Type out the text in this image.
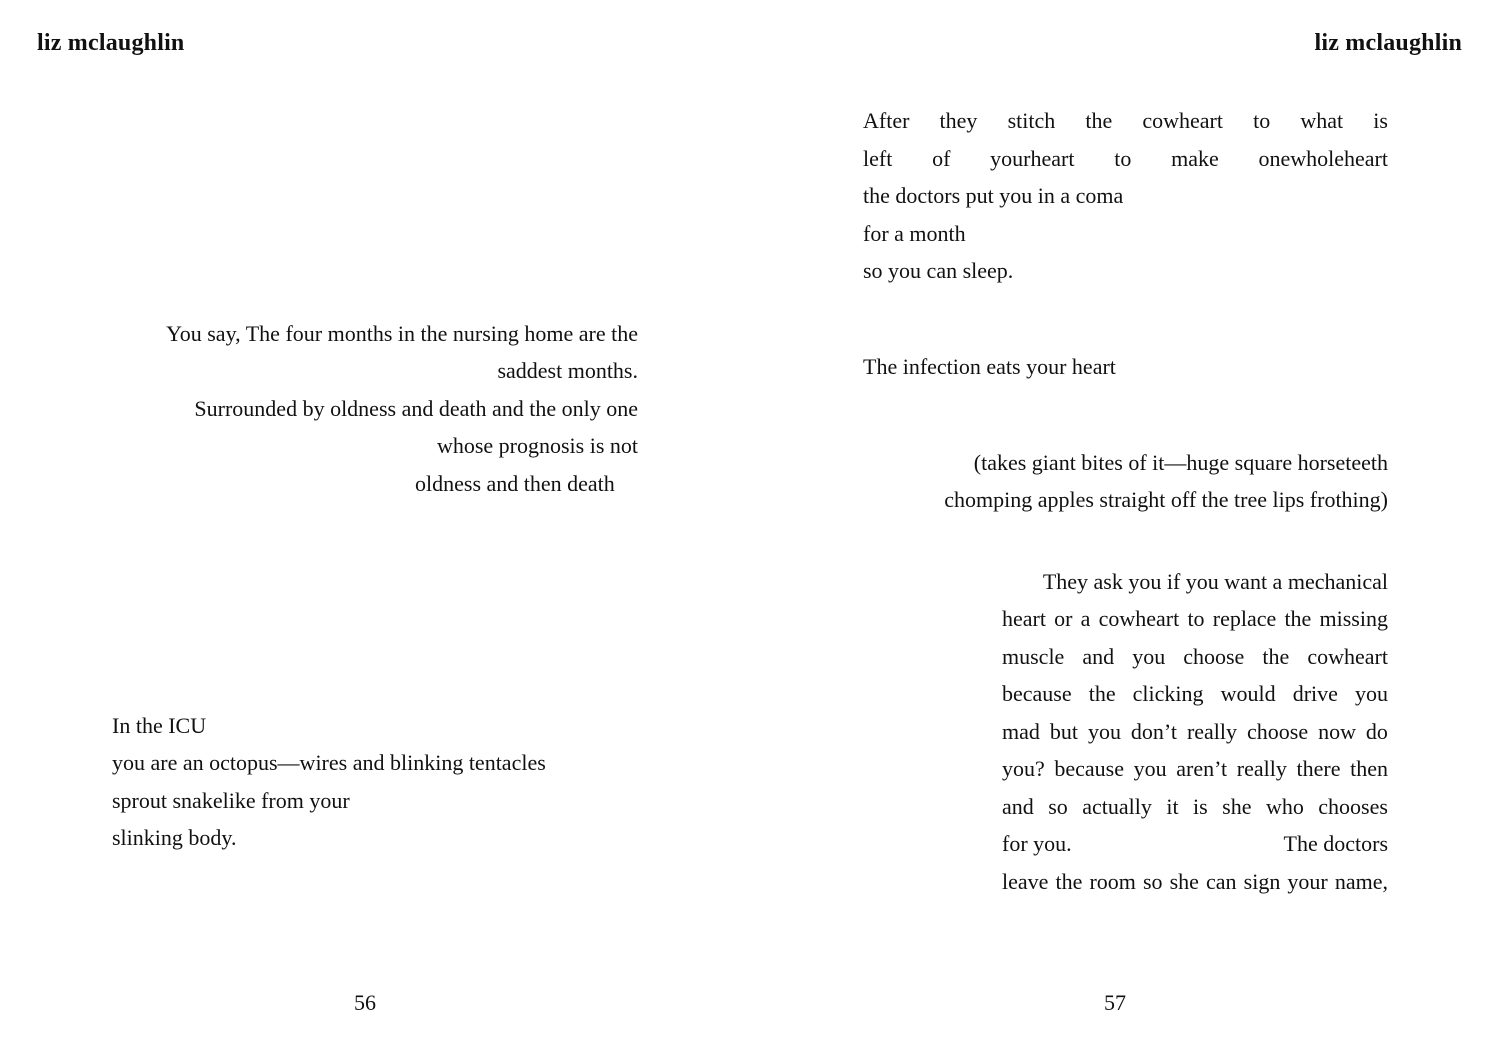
liz mclaughlin
You say, The four months in the nursing home are the
saddest months.
Surrounded by oldness and death and the only one
whose prognosis is not
oldness and then death
In the ICU
you are an octopus—wires and blinking tentacles
sprout snakelike from your
slinking body.
56
liz mclaughlin
After they stitch the cowheart to what is
left of yourheart to make onewholeheart
the doctors put you in a coma
for a month
so you can sleep.
The infection eats your heart
(takes giant bites of it—huge square horseteeth
chomping apples straight off the tree lips frothing)
They ask you if you want a mechanical
heart or a cowheart to replace the missing
muscle and you choose the cowheart
because the clicking would drive you
mad but you don’t really choose now do
you? because you aren’t really there then
and so actually it is she who chooses
for you.	The doctors
leave the room so she can sign your name,
57
